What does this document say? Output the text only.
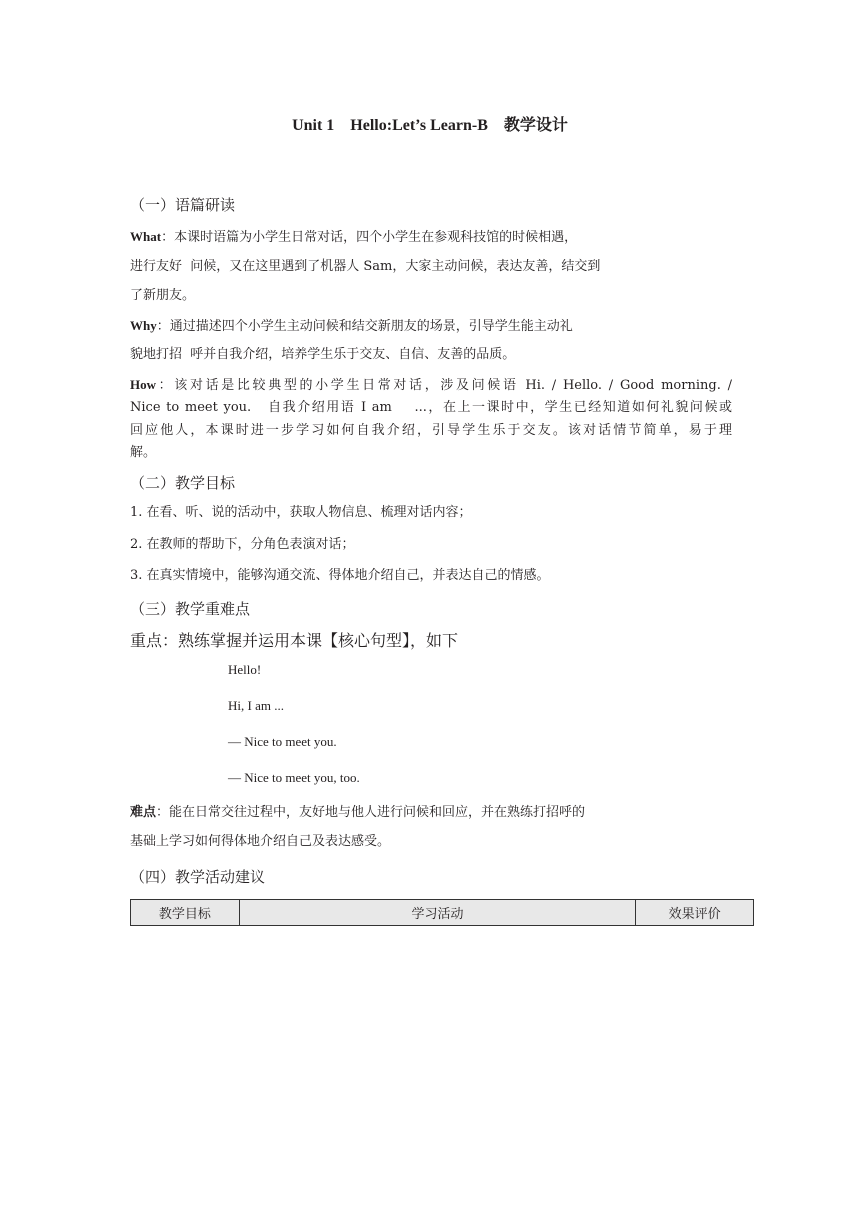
Unit 1    Hello:Let’s Learn-B    教学设计
（一）语篇研读
What：本课时语篇为小学生日常对话，四个小学生在参观科技馆的时候相遇，
进行友好  问候，又在这里遇到了机器人 Sam，大家主动问候，表达友善，结交到
了新朋友。
Why：通过描述四个小学生主动问候和结交新朋友的场景，引导学生能主动礼
貌地打招  呼并自我介绍，培养学生乐于交友、自信、友善的品质。
How：该对话是比较典型的小学生日常对话，涉及问候语 Hi. / Hello. / Good morning. /
Nice to meet you.   自我介绍用语 I am    ...，在上一课时中，学生已经知道如何礼貌问候或
回应他人，本课时进一步学习如何自我介绍，引导学生乐于交友。该对话情节简单，易于理
解。
（二）教学目标
1. 在看、听、说的活动中，获取人物信息、梳理对话内容；
2. 在教师的帮助下，分角色表演对话；
3. 在真实情境中，能够沟通交流、得体地介绍自己，并表达自己的情感。
（三）教学重难点
重点：熟练掌握并运用本课【核心句型】，如下
Hello!
Hi, I am ...
— Nice to meet you.
— Nice to meet you, too.
难点：能在日常交往过程中，友好地与他人进行问候和回应，并在熟练打招呼的
基础上学习如何得体地介绍自己及表达感受。
（四）教学活动建议
教学目标	学习活动	效果评价
